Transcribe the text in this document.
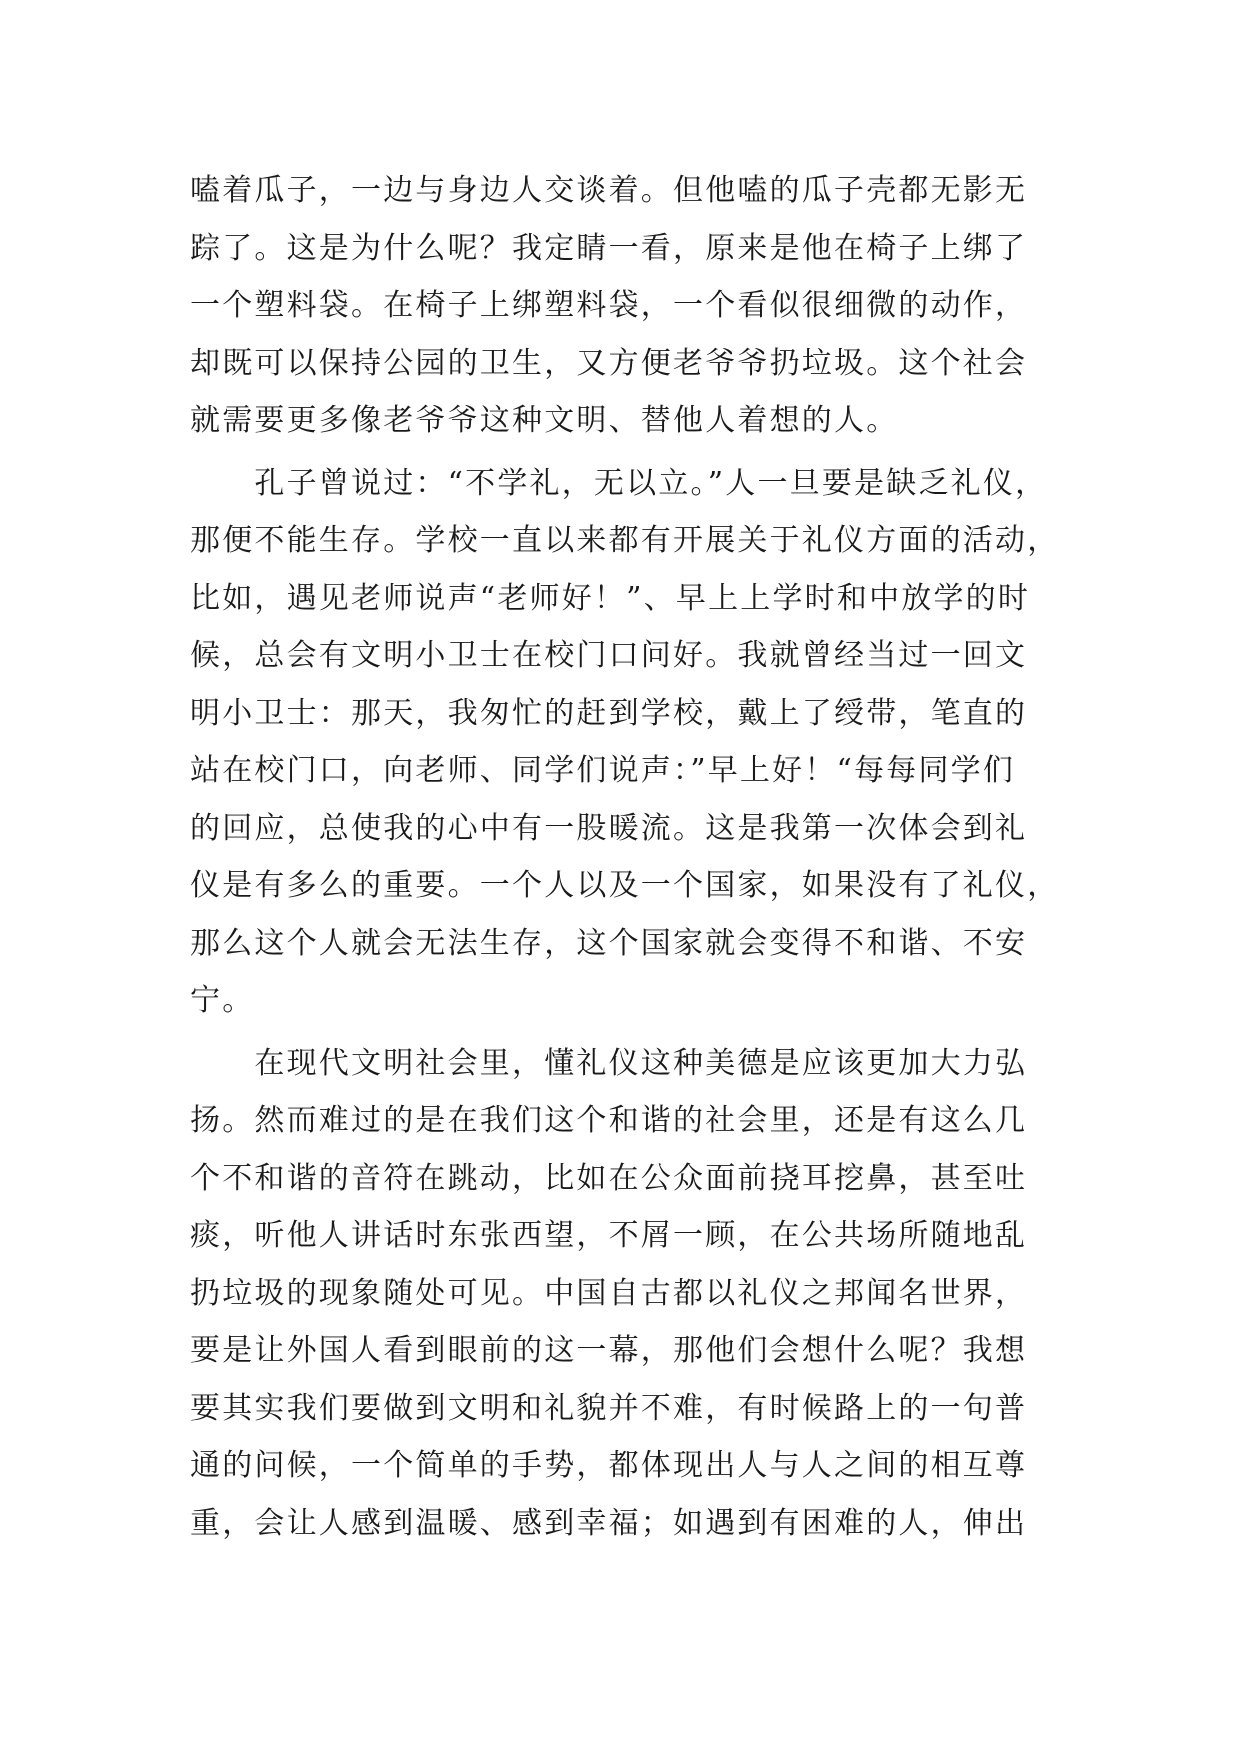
嗑着瓜子，一边与身边人交谈着。但他嗑的瓜子壳都无影无
踪了。这是为什么呢？我定睛一看，原来是他在椅子上绑了
一个塑料袋。在椅子上绑塑料袋，一个看似很细微的动作，
却既可以保持公园的卫生，又方便老爷爷扔垃圾。这个社会
就需要更多像老爷爷这种文明、替他人着想的人。
　　孔子曾说过：“不学礼，无以立。”人一旦要是缺乏礼仪，
那便不能生存。学校一直以来都有开展关于礼仪方面的活动，
比如，遇见老师说声“老师好！”、早上上学时和中放学的时
候，总会有文明小卫士在校门口问好。我就曾经当过一回文
明小卫士：那天，我匆忙的赶到学校，戴上了绶带，笔直的
站在校门口，向老师、同学们说声：”早上好！“每每同学们
的回应，总使我的心中有一股暖流。这是我第一次体会到礼
仪是有多么的重要。一个人以及一个国家，如果没有了礼仪，
那么这个人就会无法生存，这个国家就会变得不和谐、不安
宁。
　　在现代文明社会里，懂礼仪这种美德是应该更加大力弘
扬。然而难过的是在我们这个和谐的社会里，还是有这么几
个不和谐的音符在跳动，比如在公众面前挠耳挖鼻，甚至吐
痰，听他人讲话时东张西望，不屑一顾，在公共场所随地乱
扔垃圾的现象随处可见。中国自古都以礼仪之邦闻名世界，
要是让外国人看到眼前的这一幕，那他们会想什么呢？我想
要其实我们要做到文明和礼貌并不难，有时候路上的一句普
通的问候，一个简单的手势，都体现出人与人之间的相互尊
重，会让人感到温暖、感到幸福；如遇到有困难的人，伸出
